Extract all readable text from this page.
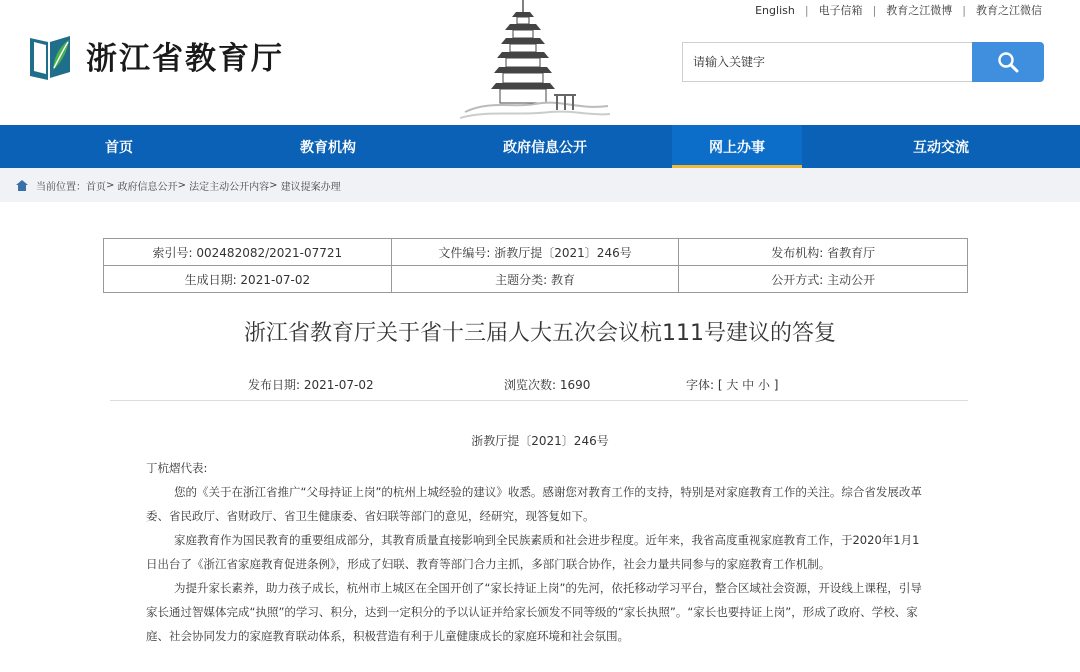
浙江省教育厅
English | 电子信箱 | 教育之江微博 | 教育之江微信
请输入关键字
首页	教育机构	政府信息公开	网上办事	互动交流
当前位置： 首页 > 政府信息公开 > 法定主动公开内容 > 建议提案办理
索引号: 002482082/2021-07721	文件编号: 浙教厅提〔2021〕246号	发布机构: 省教育厅
生成日期: 2021-07-02	主题分类: 教育	公开方式: 主动公开
浙江省教育厅关于省十三届人大五次会议杭111号建议的答复
发布日期: 2021-07-02	浏览次数: 1690	字体: [ 大 中 小 ]
浙教厅提〔2021〕246号

丁杭熠代表:

您的《关于在浙江省推广“父母持证上岗”的杭州上城经验的建议》收悉。感谢您对教育工作的支持，特别是对家庭教育工作的关注。综合省发展改革委、省民政厅、省财政厅、省卫生健康委、省妇联等部门的意见，经研究，现答复如下。

家庭教育作为国民教育的重要组成部分，其教育质量直接影响到全民族素质和社会进步程度。近年来，我省高度重视家庭教育工作，于2020年1月1日出台了《浙江省家庭教育促进条例》，形成了妇联、教育等部门合力主抓，多部门联合协作，社会力量共同参与的家庭教育工作机制。

为提升家长素养，助力孩子成长，杭州市上城区在全国开创了“家长持证上岗”的先河，依托移动学习平台，整合区域社会资源，开设线上课程，引导家长通过智媒体完成“执照”的学习、积分，达到一定积分的予以认证并给家长颁发不同等级的“家长执照”。“家长也要持证上岗”，形成了政府、学校、家庭、社会协同发力的家庭教育联动体系，积极营造有利于儿童健康成长的家庭环境和社会氛围。
